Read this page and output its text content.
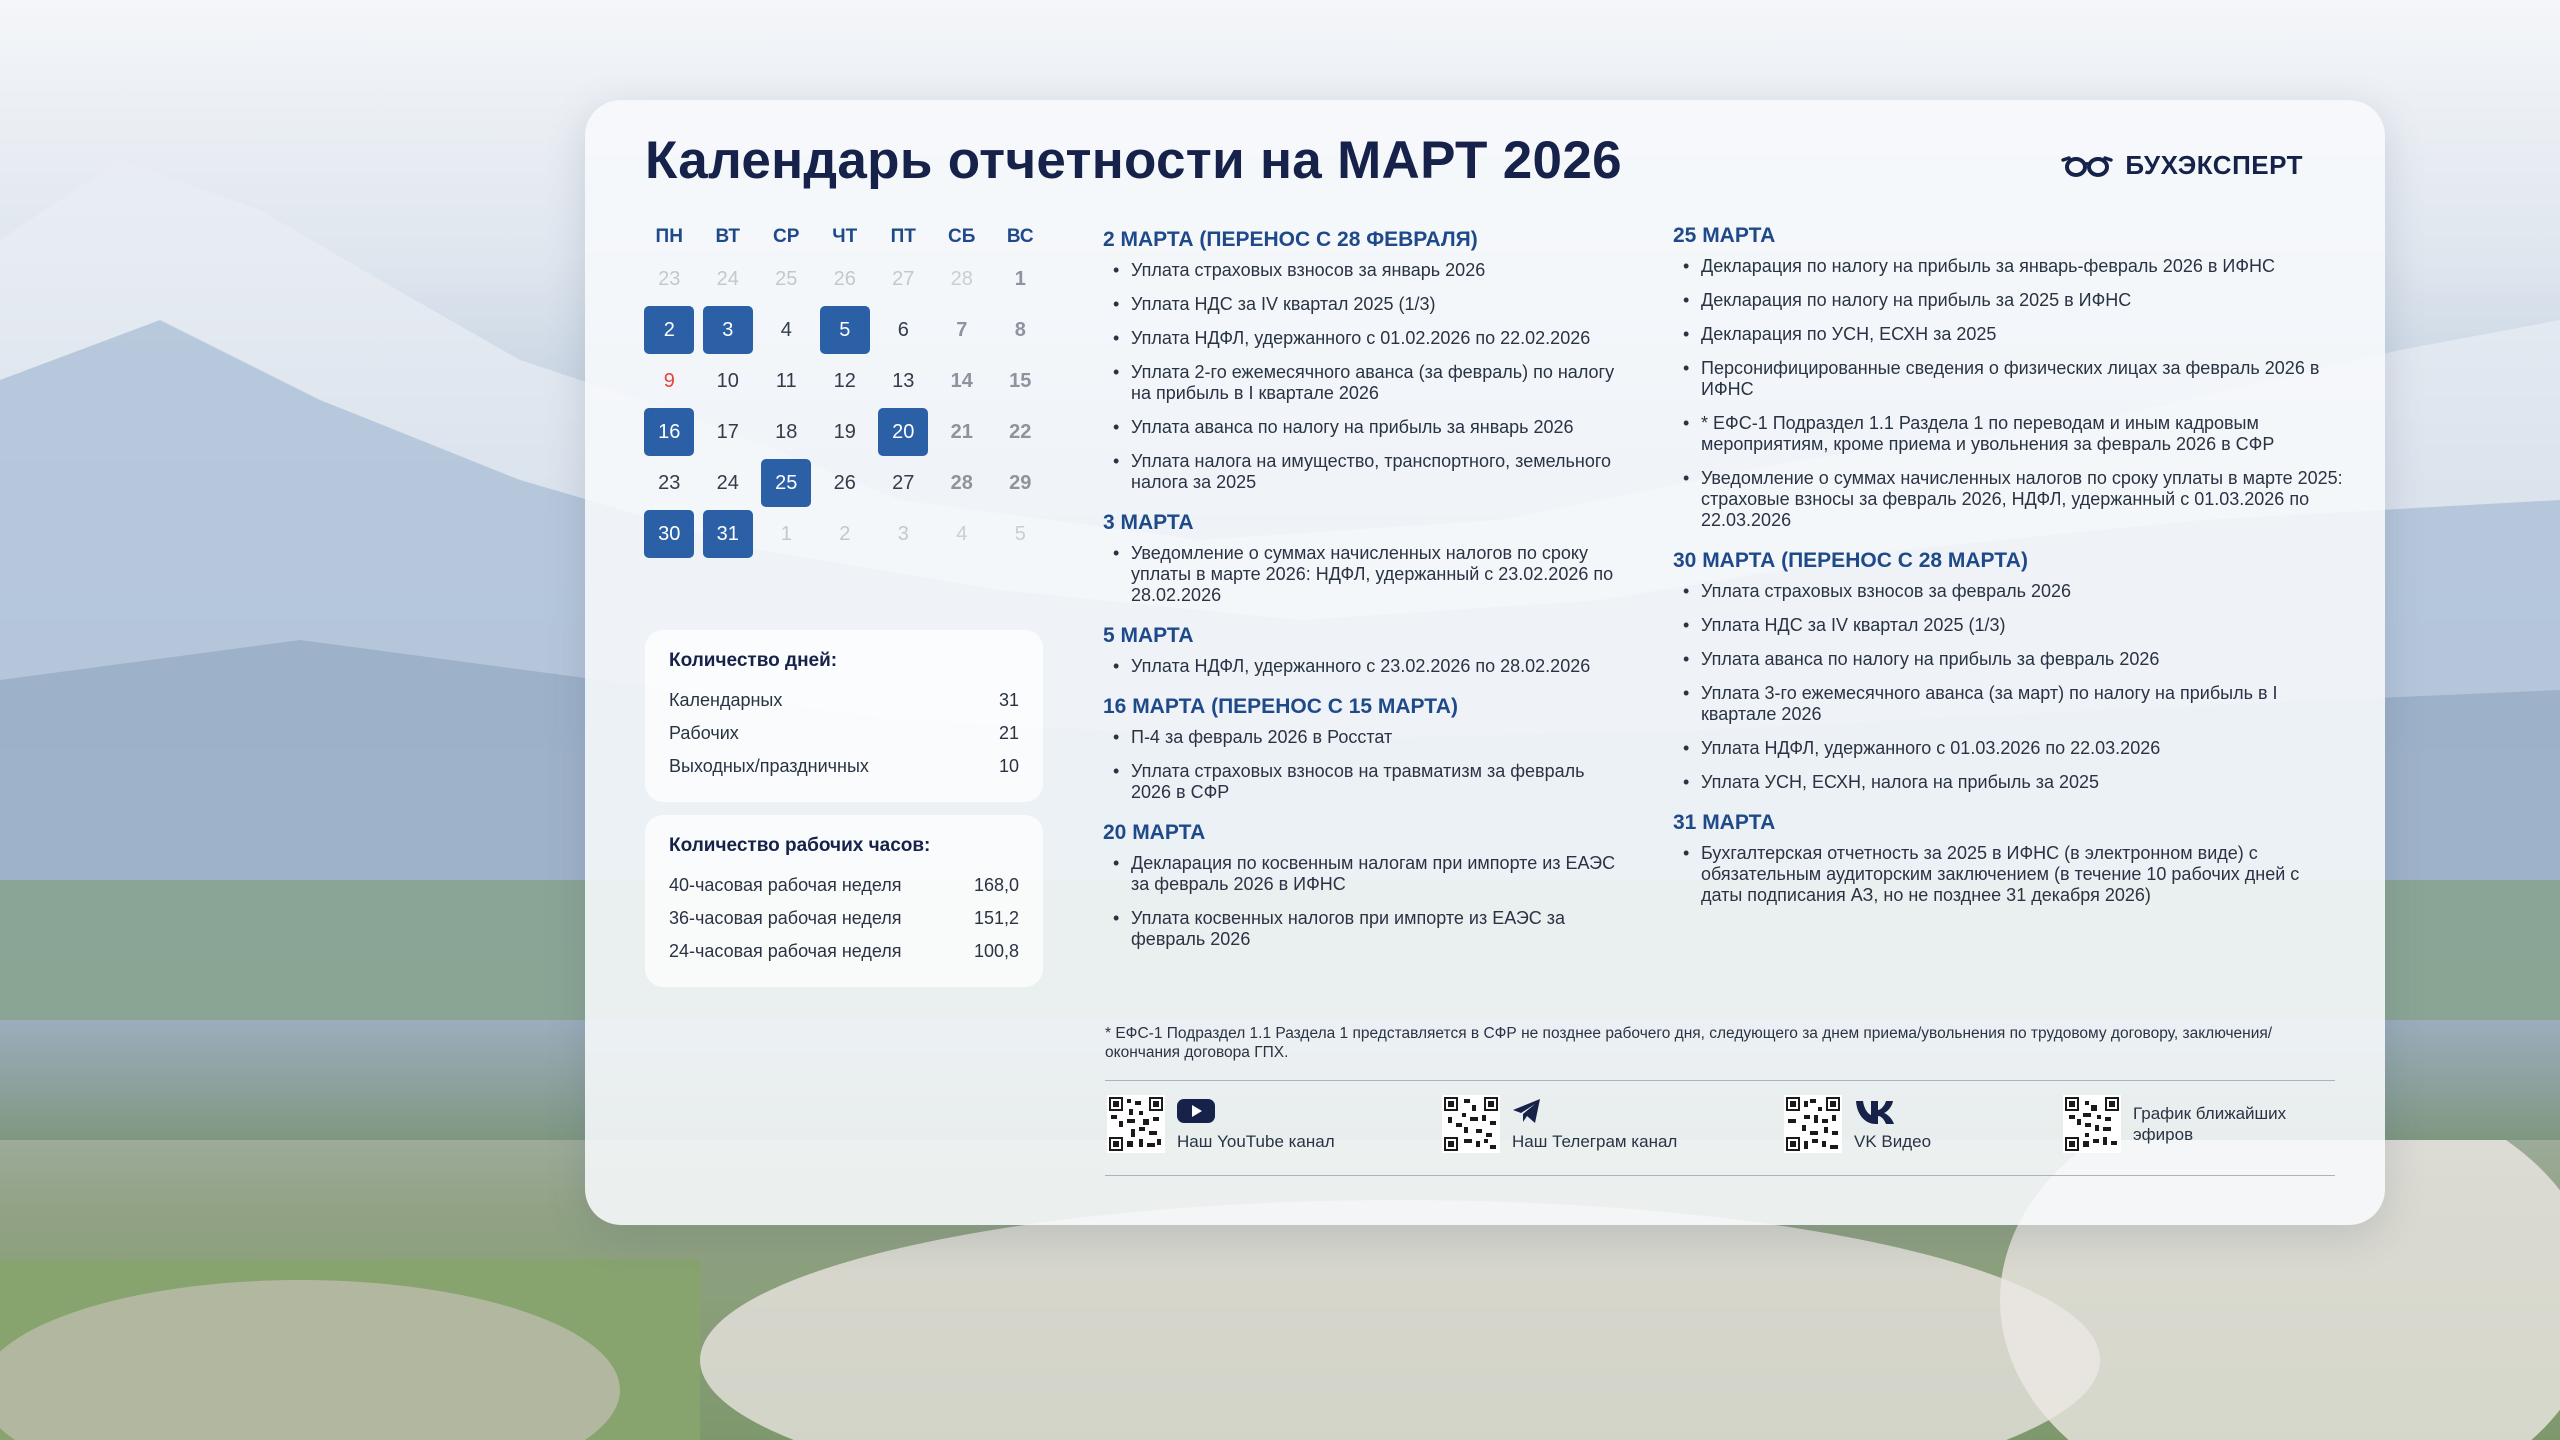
Календарь отчетности на МАРТ 2026	БУХЭКСПЕРТ
ПН	ВТ	СР	ЧТ	ПТ	СБ	ВС
23	24	25	26	27	28	1
2	3	4	5	6	7	8
9	10	11	12	13	14	15
16	17	18	19	20	21	22
23	24	25	26	27	28	29
30	31	1	2	3	4	5
Количество дней:
Календарных	31
Рабочих	21
Выходных/праздничных	10
Количество рабочих часов:
40-часовая рабочая неделя	168,0
36-часовая рабочая неделя	151,2
24-часовая рабочая неделя	100,8
2 МАРТА (ПЕРЕНОС С 28 ФЕВРАЛЯ)
• Уплата страховых взносов за январь 2026
• Уплата НДС за IV квартал 2025 (1/3)
• Уплата НДФЛ, удержанного с 01.02.2026 по 22.02.2026
• Уплата 2-го ежемесячного аванса (за февраль) по налогу на прибыль в I квартале 2026
• Уплата аванса по налогу на прибыль за январь 2026
• Уплата налога на имущество, транспортного, земельного налога за 2025
3 МАРТА
• Уведомление о суммах начисленных налогов по сроку уплаты в марте 2026: НДФЛ, удержанный с 23.02.2026 по 28.02.2026
5 МАРТА
• Уплата НДФЛ, удержанного с 23.02.2026 по 28.02.2026
16 МАРТА (ПЕРЕНОС С 15 МАРТА)
• П-4 за февраль 2026 в Росстат
• Уплата страховых взносов на травматизм за февраль 2026 в СФР
20 МАРТА
• Декларация по косвенным налогам при импорте из ЕАЭС за февраль 2026 в ИФНС
• Уплата косвенных налогов при импорте из ЕАЭС за февраль 2026
25 МАРТА
• Декларация по налогу на прибыль за январь-февраль 2026 в ИФНС
• Декларация по налогу на прибыль за 2025 в ИФНС
• Декларация по УСН, ЕСХН за 2025
• Персонифицированные сведения о физических лицах за февраль 2026 в ИФНС
• * ЕФС-1 Подраздел 1.1 Раздела 1 по переводам и иным кадровым мероприятиям, кроме приема и увольнения за февраль 2026 в СФР
• Уведомление о суммах начисленных налогов по сроку уплаты в марте 2025: страховые взносы за февраль 2026, НДФЛ, удержанный с 01.03.2026 по 22.03.2026
30 МАРТА (ПЕРЕНОС С 28 МАРТА)
• Уплата страховых взносов за февраль 2026
• Уплата НДС за IV квартал 2025 (1/3)
• Уплата аванса по налогу на прибыль за февраль 2026
• Уплата 3-го ежемесячного аванса (за март) по налогу на прибыль в I квартале 2026
• Уплата НДФЛ, удержанного с 01.03.2026 по 22.03.2026
• Уплата УСН, ЕСХН, налога на прибыль за 2025
31 МАРТА
• Бухгалтерская отчетность за 2025 в ИФНС (в электронном виде) с обязательным аудиторским заключением (в течение 10 рабочих дней с даты подписания АЗ, но не позднее 31 декабря 2026)
* ЕФС-1 Подраздел 1.1 Раздела 1 представляется в СФР не позднее рабочего дня, следующего за днем приема/увольнения по трудовому договору, заключения/окончания договора ГПХ.
Наш YouTube канал	Наш Телеграм канал	VK Видео
График ближайших эфиров
